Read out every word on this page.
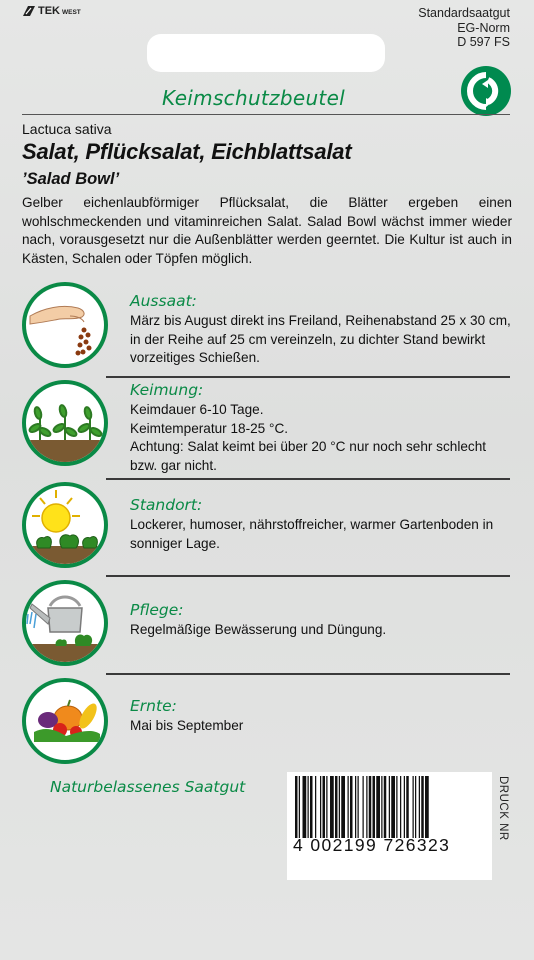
TEK WEST	Standardsaatgut
EG-Norm
D 597 FS
Keimschutzbeutel
Lactuca sativa
Salat, Pflücksalat, Eichblattsalat
’Salad Bowl’
Gelber eichenlaubförmiger Pflücksalat, die Blätter ergeben einen wohlschmeckenden und vitaminreichen Salat. Salad Bowl wächst immer wieder nach, vorausgesetzt nur die Außenblätter werden geerntet. Die Kultur ist auch in Kästen, Schalen oder Töpfen möglich.
Aussaat:

März bis August direkt ins Freiland, Reihenabstand 25 x 30 cm, in der Reihe auf 25 cm vereinzeln, zu dichter Stand bewirkt vorzeitiges Schießen.

Keimung:

Keimdauer 6-10 Tage.
Keimtemperatur 18-25 °C.
Achtung: Salat keimt bei über 20 °C nur noch sehr schlecht bzw. gar nicht.

Standort:

Lockerer, humoser, nährstoffreicher, warmer Gartenboden in sonniger Lage.

Pflege:

Regelmäßige Bewässerung und Düngung.

Ernte:

Mai bis September

Naturbelassenes Saatgut
4 002199 726323
DRUCK NR
